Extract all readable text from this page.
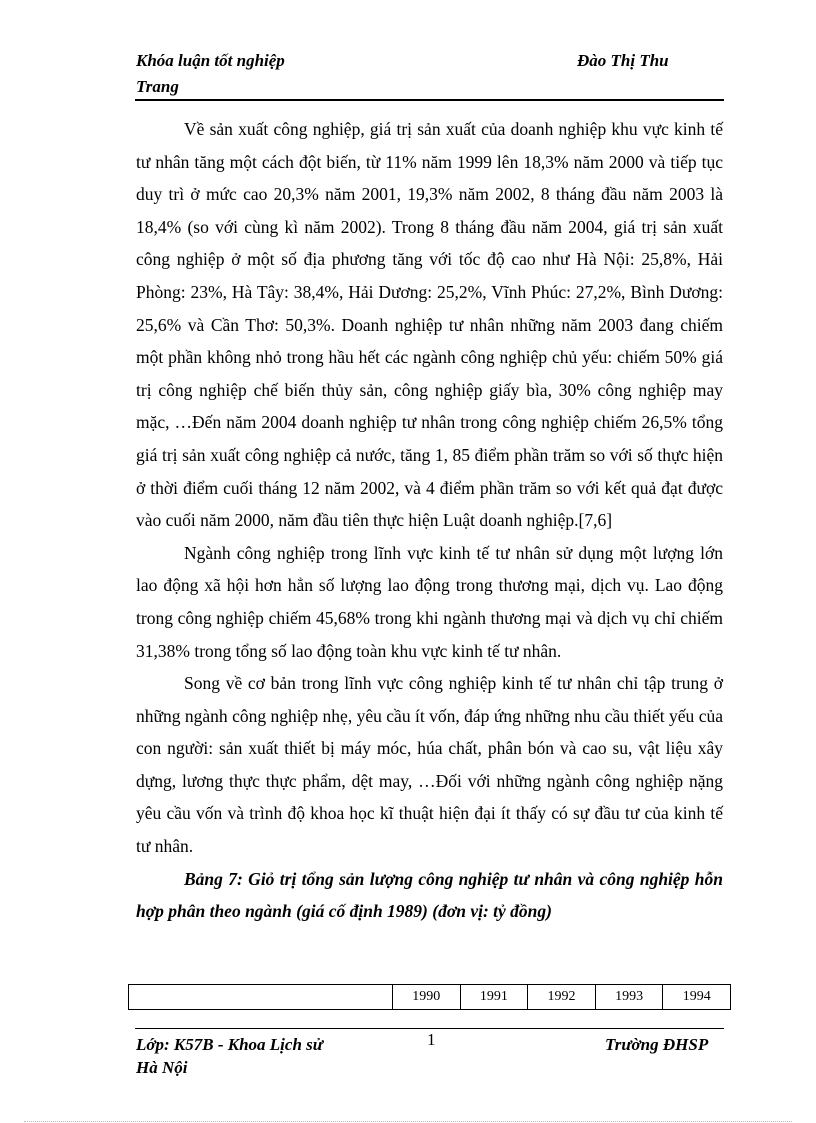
Khóa luận tốt nghiệp
Trang
Đào Thị Thu

Về sản xuất công nghiệp, giá trị sản xuất của doanh nghiệp khu vực kinh tế tư nhân tăng một cách đột biến, từ 11% năm 1999 lên 18,3% năm 2000 và tiếp tục duy trì ở mức cao 20,3% năm 2001, 19,3% năm 2002, 8 tháng đầu năm 2003 là 18,4% (so với cùng kì năm 2002). Trong 8 tháng đầu năm 2004, giá trị sản xuất công nghiệp ở một số địa phương tăng với tốc độ cao như Hà Nội: 25,8%, Hải Phòng: 23%, Hà Tây: 38,4%, Hải Dương: 25,2%, Vĩnh Phúc: 27,2%, Bình Dương: 25,6% và Cần Thơ: 50,3%. Doanh nghiệp tư nhân những năm 2003 đang chiếm một phần không nhỏ trong hầu hết các ngành công nghiệp chủ yếu: chiếm 50% giá trị công nghiệp chế biến thủy sản, công nghiệp giấy bìa, 30% công nghiệp may mặc, …Đến năm 2004 doanh nghiệp tư nhân trong công nghiệp chiếm 26,5% tổng giá trị sản xuất công nghiệp cả nước, tăng 1, 85 điểm phần trăm so với số thực hiện ở thời điểm cuối tháng 12 năm 2002, và 4 điểm phần trăm so với kết quả đạt được vào cuối năm 2000, năm đầu tiên thực hiện Luật doanh nghiệp.[7,6]

Ngành công nghiệp trong lĩnh vực kinh tế tư nhân sử dụng một lượng lớn lao động xã hội hơn hẳn số lượng lao động trong thương mại, dịch vụ. Lao động trong công nghiệp chiếm 45,68% trong khi ngành thương mại và dịch vụ chỉ chiếm 31,38% trong tổng số lao động toàn khu vực kinh tế tư nhân.

Song về cơ bản trong lĩnh vực công nghiệp kinh tế tư nhân chỉ tập trung ở những ngành công nghiệp nhẹ, yêu cầu ít vốn, đáp ứng những nhu cầu thiết yếu của con người: sản xuất thiết bị máy móc, húa chất, phân bón và cao su, vật liệu xây dựng, lương thực thực phẩm, dệt may, …Đối với những ngành công nghiệp nặng yêu cầu vốn và trình độ khoa học kĩ thuật hiện đại ít thấy có sự đầu tư của kinh tế tư nhân.

Bảng 7: Giỏ trị tổng sản lượng công nghiệp tư nhân và công nghiệp hỗn hợp phân theo ngành (giá cố định 1989) (đơn vị: tỷ đồng)

	1990	1991	1992	1993	1994
Lớp: K57B - Khoa Lịch sử
Hà Nội
1	Trường ĐHSP
